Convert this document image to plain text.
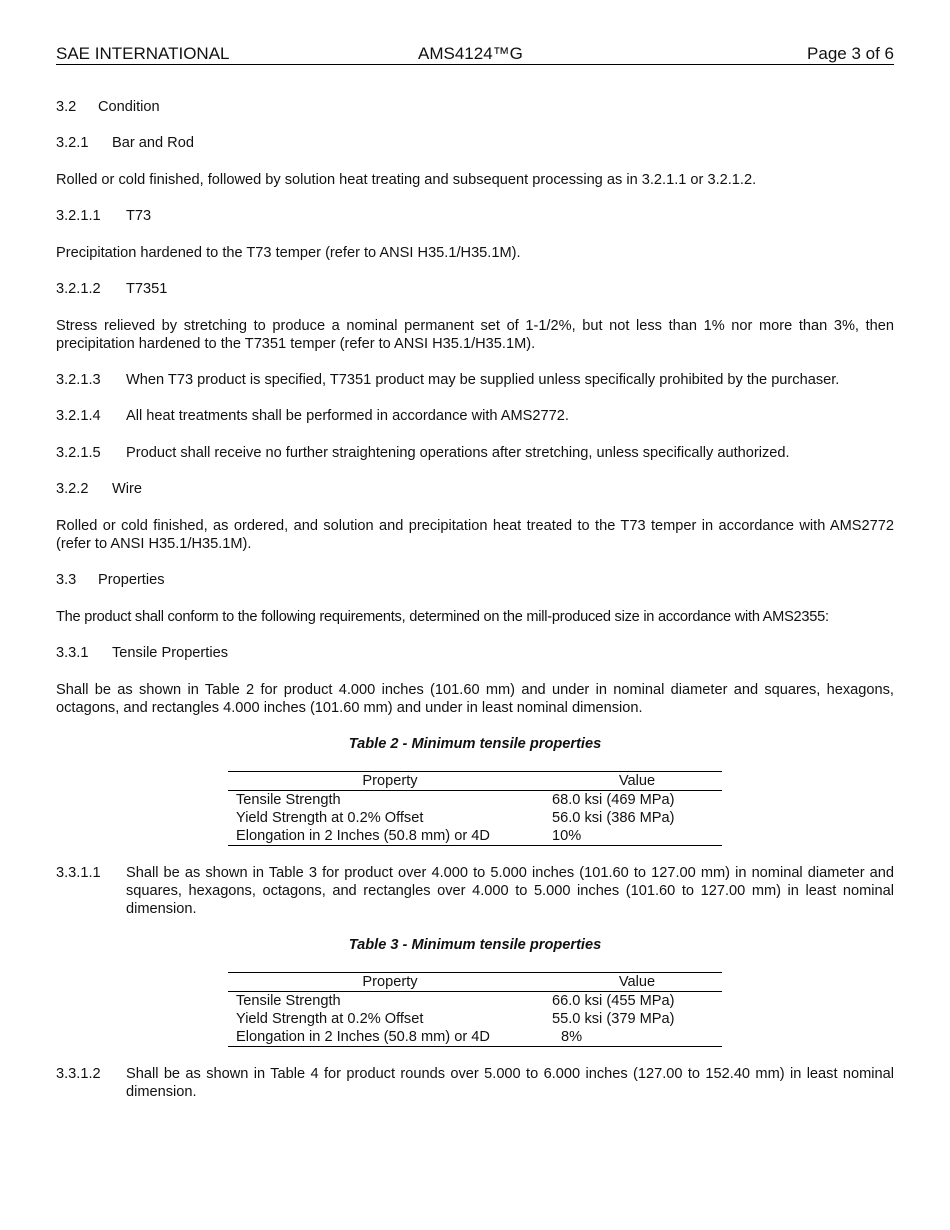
SAE INTERNATIONAL	AMS4124™G	Page 3 of 6
3.2 Condition
3.2.1 Bar and Rod
Rolled or cold finished, followed by solution heat treating and subsequent processing as in 3.2.1.1 or 3.2.1.2.
3.2.1.1 T73
Precipitation hardened to the T73 temper (refer to ANSI H35.1/H35.1M).
3.2.1.2 T7351
Stress relieved by stretching to produce a nominal permanent set of 1-1/2%, but not less than 1% nor more than 3%, then precipitation hardened to the T7351 temper (refer to ANSI H35.1/H35.1M).
3.2.1.3 When T73 product is specified, T7351 product may be supplied unless specifically prohibited by the purchaser.
3.2.1.4 All heat treatments shall be performed in accordance with AMS2772.
3.2.1.5 Product shall receive no further straightening operations after stretching, unless specifically authorized.
3.2.2 Wire
Rolled or cold finished, as ordered, and solution and precipitation heat treated to the T73 temper in accordance with AMS2772 (refer to ANSI H35.1/H35.1M).
3.3 Properties
The product shall conform to the following requirements, determined on the mill-produced size in accordance with AMS2355:
3.3.1 Tensile Properties
Shall be as shown in Table 2 for product 4.000 inches (101.60 mm) and under in nominal diameter and squares, hexagons, octagons, and rectangles 4.000 inches (101.60 mm) and under in least nominal dimension.
Table 2 - Minimum tensile properties
Property	Value
Tensile Strength	68.0 ksi (469 MPa)
Yield Strength at 0.2% Offset	56.0 ksi (386 MPa)
Elongation in 2 Inches (50.8 mm) or 4D	10%
3.3.1.1 Shall be as shown in Table 3 for product over 4.000 to 5.000 inches (101.60 to 127.00 mm) in nominal diameter and squares, hexagons, octagons, and rectangles over 4.000 to 5.000 inches (101.60 to 127.00 mm) in least nominal dimension.
Table 3 - Minimum tensile properties
Property	Value
Tensile Strength	66.0 ksi (455 MPa)
Yield Strength at 0.2% Offset	55.0 ksi (379 MPa)
Elongation in 2 Inches (50.8 mm) or 4D	8%
3.3.1.2 Shall be as shown in Table 4 for product rounds over 5.000 to 6.000 inches (127.00 to 152.40 mm) in least nominal dimension.
